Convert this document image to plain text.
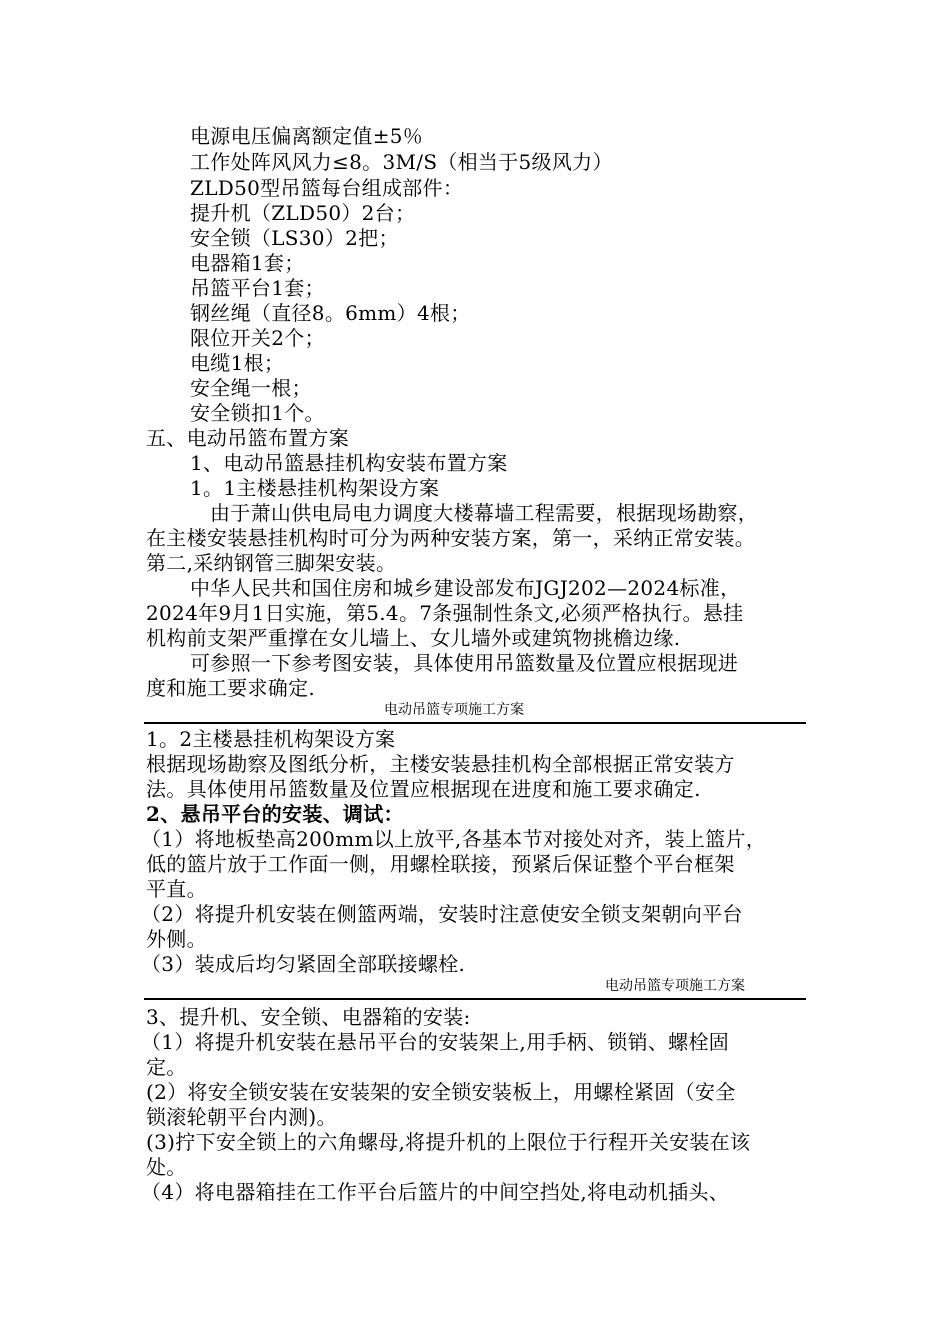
电源电压偏离额定值±5％

工作处阵风风力≤8。3M/S（相当于5级风力）

ZLD50型吊篮每台组成部件：

提升机（ZLD50）2台；

安全锁（LS30）2把；

电器箱1套；

吊篮平台1套；

钢丝绳（直径8。6mm）4根；

限位开关2个；

电缆1根；

安全绳一根；

安全锁扣1个。

五、电动吊篮布置方案

1、电动吊篮悬挂机构安装布置方案

1。1主楼悬挂机构架设方案

由于萧山供电局电力调度大楼幕墙工程需要，根据现场勘察，

在主楼安装悬挂机构时可分为两种安装方案，第一，采纳正常安装。

第二,采纳钢管三脚架安装。

中华人民共和国住房和城乡建设部发布JGJ202—2024标准，

2024年9月1日实施，第5.4。7条强制性条文,必须严格执行。悬挂

机构前支架严重撑在女儿墙上、女儿墙外或建筑物挑檐边缘.

可参照一下参考图安装，具体使用吊篮数量及位置应根据现进

度和施工要求确定.

电动吊篮专项施工方案

1。2主楼悬挂机构架设方案

根据现场勘察及图纸分析，主楼安装悬挂机构全部根据正常安装方

法。具体使用吊篮数量及位置应根据现在进度和施工要求确定.

2、悬吊平台的安装、调试：

（1）将地板垫高200mm以上放平,各基本节对接处对齐，装上篮片，

低的篮片放于工作面一侧，用螺栓联接，预紧后保证整个平台框架

平直。

（2）将提升机安装在侧篮两端，安装时注意使安全锁支架朝向平台

外侧。

（3）装成后均匀紧固全部联接螺栓.

电动吊篮专项施工方案

3、提升机、安全锁、电器箱的安装:

（1）将提升机安装在悬吊平台的安装架上,用手柄、锁销、螺栓固

定。

(2）将安全锁安装在安装架的安全锁安装板上，用螺栓紧固（安全

锁滚轮朝平台内测)。

(3)拧下安全锁上的六角螺母,将提升机的上限位于行程开关安装在该

处。

（4）将电器箱挂在工作平台后篮片的中间空挡处,将电动机插头、
